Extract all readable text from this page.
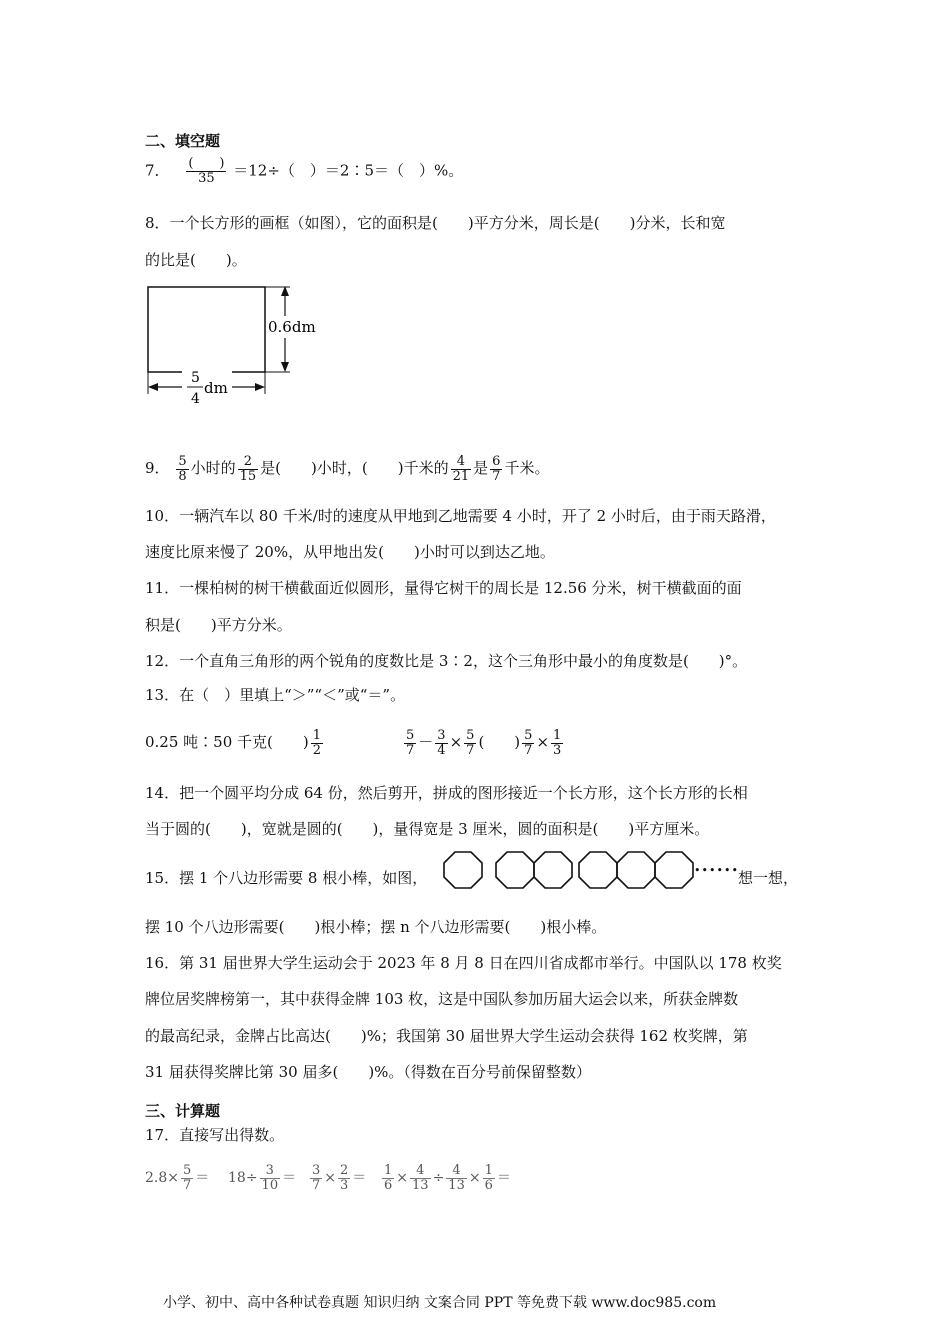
二、填空题
7． $\frac{( )}{35} =12\div$（　）＝2∶5＝（　）%。
8．一个长方形的画框（如图），它的面积是(　　)平方分米，周长是(　　)分米，长和宽
的比是(　　)。
0.6dm
5
4
dm
9． $\frac{5}{8}$ 小时的 $\frac{2}{15}$ 是(　　)小时，(　　)千米的 $\frac{4}{21}$ 是 $\frac{6}{7}$ 千米。
10．一辆汽车以 80 千米/时的速度从甲地到乙地需要 4 小时，开了 2 小时后，由于雨天路滑，
速度比原来慢了 20%，从甲地出发(　　)小时可以到达乙地。
11．一棵柏树的树干横截面近似圆形，量得它树干的周长是 12.56 分米，树干横截面的面
积是(　　)平方分米。
12．一个直角三角形的两个锐角的度数比是 3∶2，这个三角形中最小的角度数是(　　)°。
13．在（　）里填上“＞”“＜”或“＝”。
0.25 吨∶50 千克(　　) $\frac{1}{2}$	$\frac{5}{7} - \frac{3}{4} \times \frac{5}{7}$ (　　) $\frac{5}{7} \times \frac{1}{3}$
14．把一个圆平均分成 64 份，然后剪开，拼成的图形接近一个长方形，这个长方形的长相
当于圆的(　　)，宽就是圆的(　　)，量得宽是 3 厘米，圆的面积是(　　)平方厘米。
15．摆 1 个八边形需要 8 根小棒，如图，	•••••• 想一想，
摆 10 个八边形需要(　　)根小棒；摆 n 个八边形需要(　　)根小棒。
16．第 31 届世界大学生运动会于 2023 年 8 月 8 日在四川省成都市举行。中国队以 178 枚奖
牌位居奖牌榜第一，其中获得金牌 103 枚，这是中国队参加历届大运会以来，所获金牌数
的最高纪录，金牌占比高达(　　)%；我国第 30 届世界大学生运动会获得 162 枚奖牌，第
31 届获得奖牌比第 30 届多(　　)%。（得数在百分号前保留整数）
三、计算题
17．直接写出得数。
$2.8\times \frac{5}{7} = 18\div \frac{3}{10} = \frac{3}{7} \times \frac{2}{3} = \frac{1}{6} \times \frac{4}{13} \div \frac{4}{13} \times \frac{1}{6}$ ＝
小学、初中、高中各种试卷真题 知识归纳 文案合同 PPT 等免费下载 www.doc985.com
